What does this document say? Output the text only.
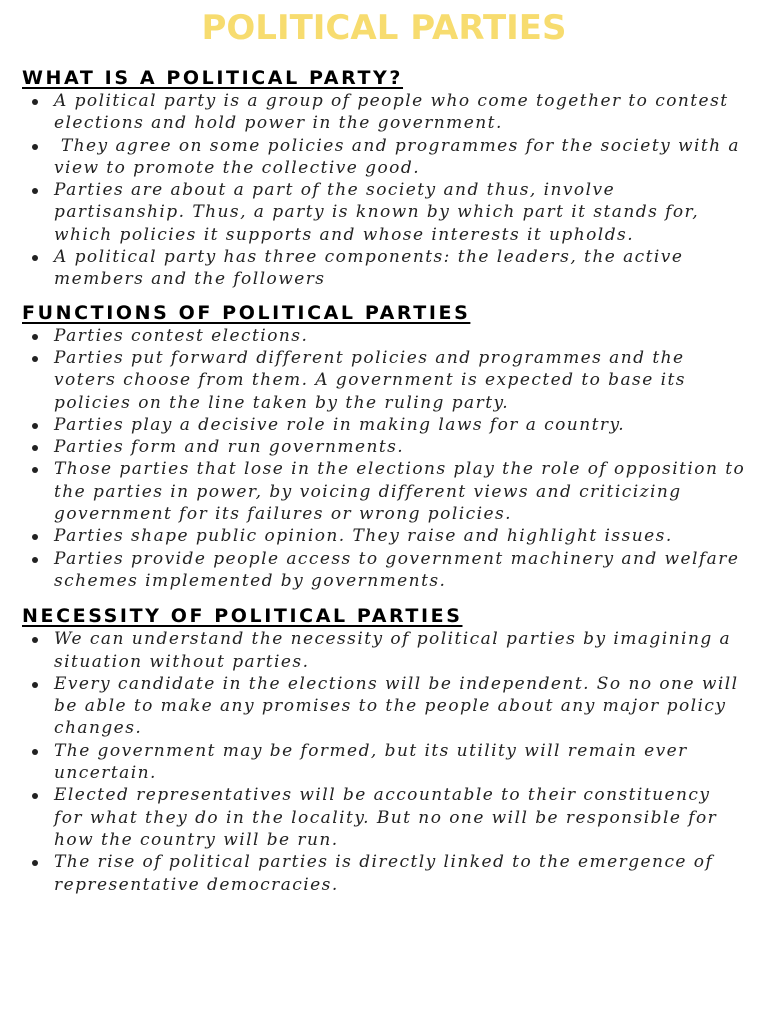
POLITICAL PARTIES
WHAT IS A POLITICAL PARTY?
A political party is a group of people who come together to contest elections and hold power in the government.
They agree on some policies and programmes for the society with a view to promote the collective good.
Parties are about a part of the society and thus, involve partisanship. Thus, a party is known by which part it stands for, which policies it supports and whose interests it upholds.
A political party has three components: the leaders, the active members and the followers
FUNCTIONS OF POLITICAL PARTIES
Parties contest elections.
Parties put forward different policies and programmes and the voters choose from them. A government is expected to base its policies on the line taken by the ruling party.
Parties play a decisive role in making laws for a country.
Parties form and run governments.
Those parties that lose in the elections play the role of opposition to the parties in power, by voicing different views and criticizing government for its failures or wrong policies.
Parties shape public opinion. They raise and highlight issues.
Parties provide people access to government machinery and welfare schemes implemented by governments.
NECESSITY OF POLITICAL PARTIES
We can understand the necessity of political parties by imagining a situation without parties.
Every candidate in the elections will be independent. So no one will be able to make any promises to the people about any major policy changes.
The government may be formed, but its utility will remain ever uncertain.
Elected representatives will be accountable to their constituency for what they do in the locality. But no one will be responsible for how the country will be run.
The rise of political parties is directly linked to the emergence of representative democracies.
